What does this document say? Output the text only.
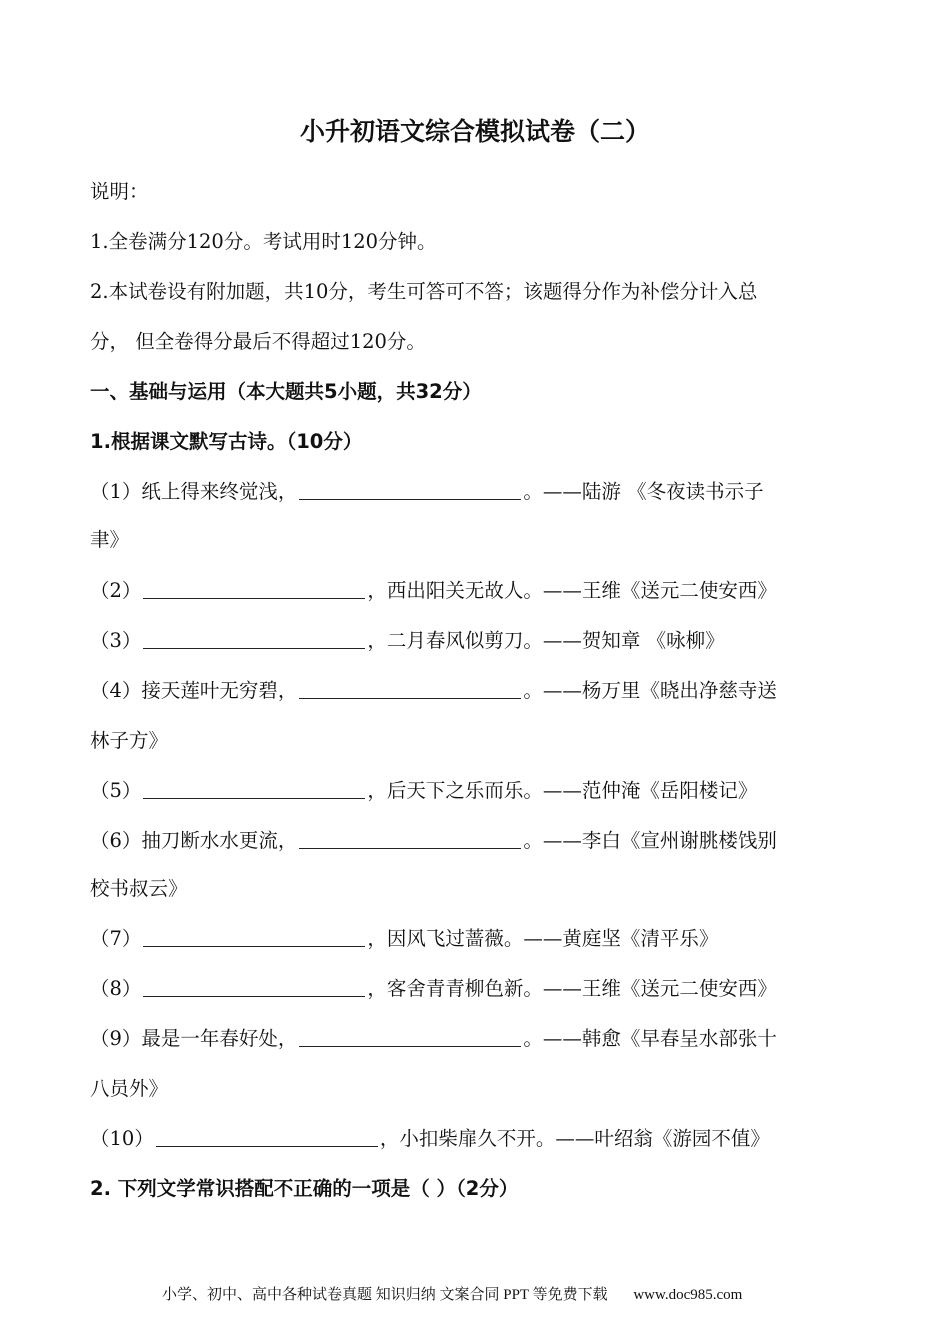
小升初语文综合模拟试卷（二）
说明：
1.全卷满分120分。考试用时120分钟。
2.本试卷设有附加题，共10分，考生可答可不答；该题得分作为补偿分计入总
分， 但全卷得分最后不得超过120分。
一、基础与运用（本大题共5小题，共32分）
1.根据课文默写古诗。（10分）
（1）纸上得来终觉浅，	。——陆游 《冬夜读书示子
聿》
（2）	，西出阳关无故人。——王维《送元二使安西》
（3）	，二月春风似剪刀。——贺知章 《咏柳》
（4）接天莲叶无穷碧，	。——杨万里《晓出净慈寺送
林子方》
（5）	，后天下之乐而乐。——范仲淹《岳阳楼记》
（6）抽刀断水水更流，	。——李白《宣州谢朓楼饯别
校书叔云》
（7）	，因风飞过蔷薇。——黄庭坚《清平乐》
（8）	，客舍青青柳色新。——王维《送元二使安西》
（9）最是一年春好处，	。——韩愈《早春呈水部张十
八员外》
（10）	，小扣柴扉久不开。——叶绍翁《游园不值》
2. 下列文学常识搭配不正确的一项是（ ）（2分）
小学、初中、高中各种试卷真题 知识归纳 文案合同 PPT 等免费下载 www.doc985.com
